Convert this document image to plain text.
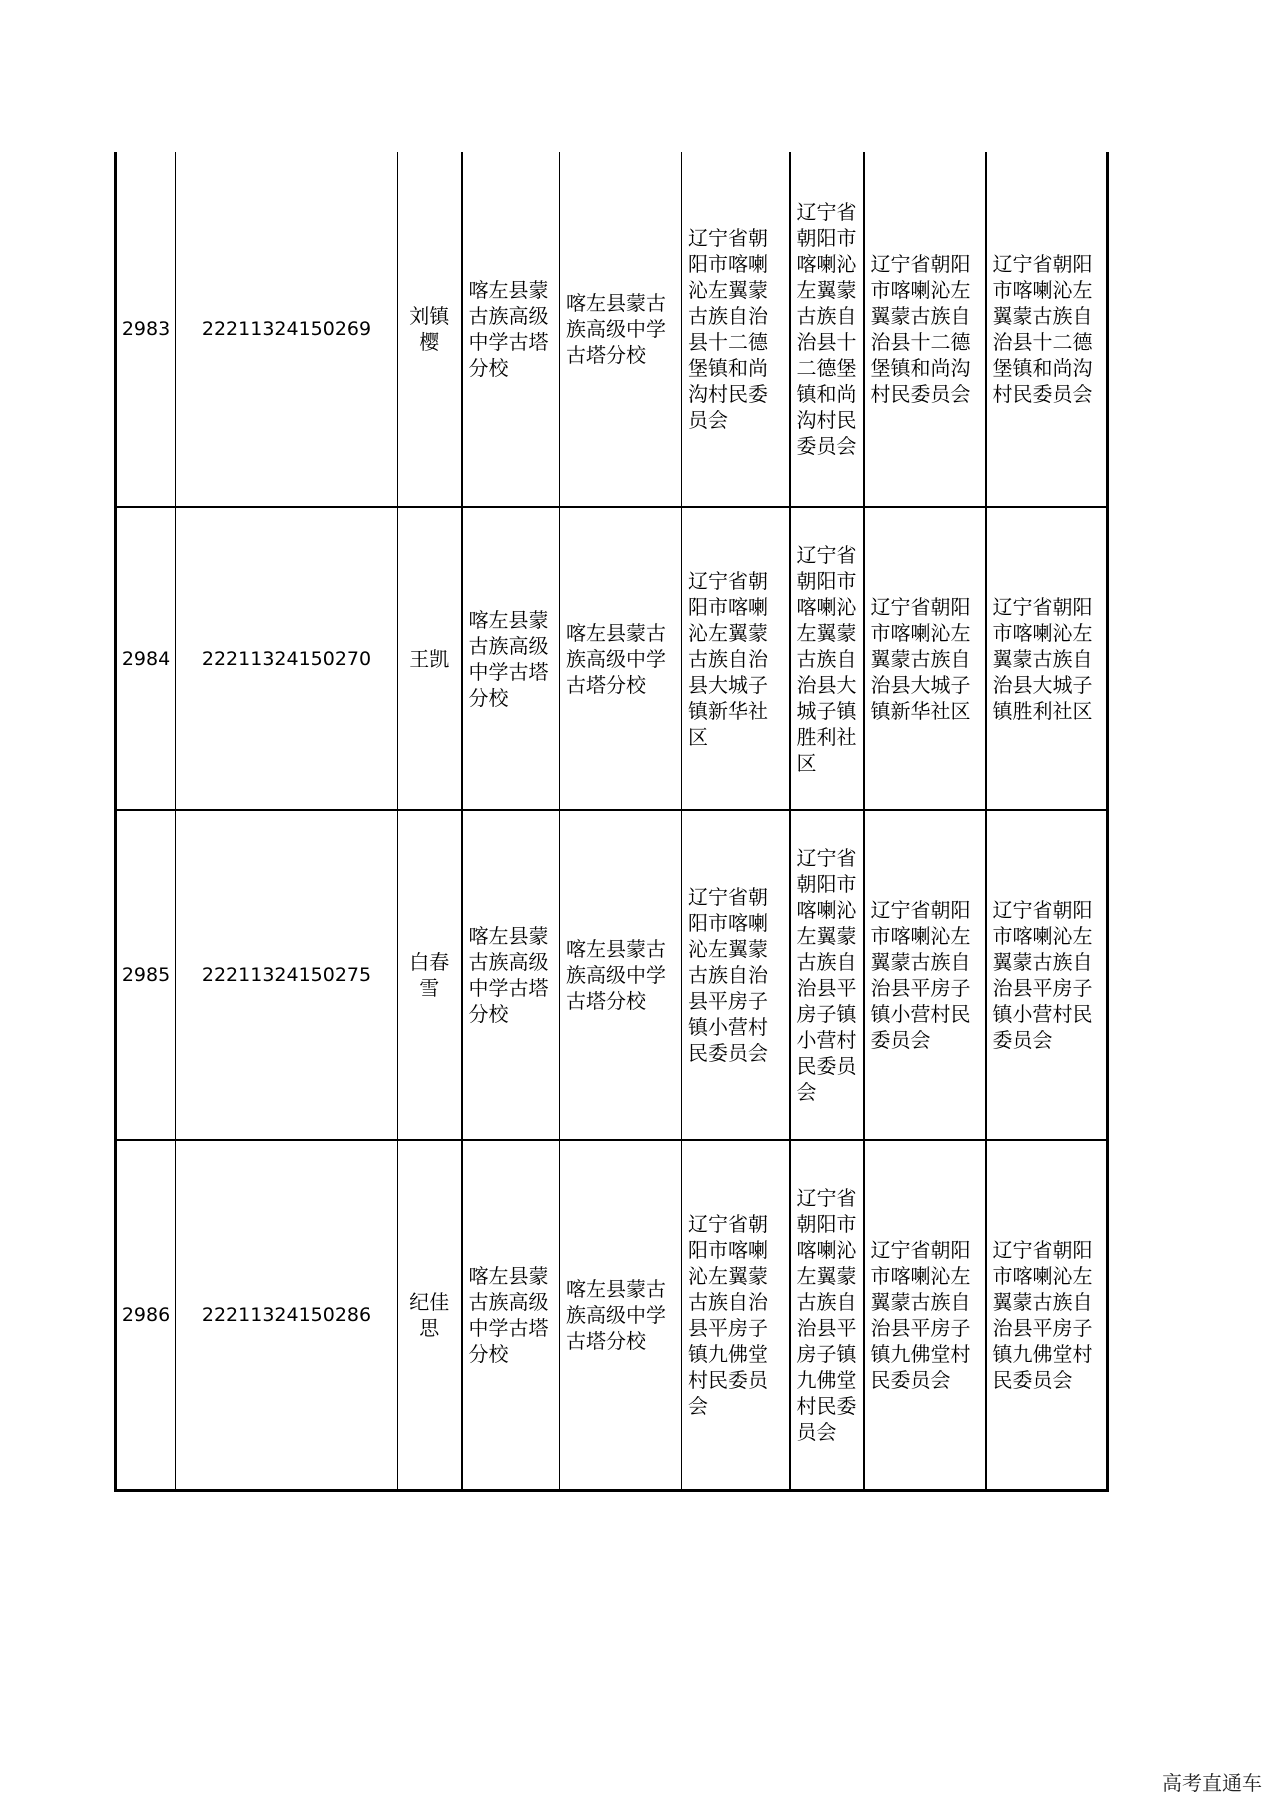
2983	22211324150269	刘镇樱	喀左县蒙古族高级中学古塔分校	喀左县蒙古族高级中学古塔分校	辽宁省朝阳市喀喇沁左翼蒙古族自治县十二德堡镇和尚沟村民委员会	辽宁省朝阳市喀喇沁左翼蒙古族自治县十二德堡镇和尚沟村民委员会	辽宁省朝阳市喀喇沁左翼蒙古族自治县十二德堡镇和尚沟村民委员会	辽宁省朝阳市喀喇沁左翼蒙古族自治县十二德堡镇和尚沟村民委员会
2984	22211324150270	王凯	喀左县蒙古族高级中学古塔分校	喀左县蒙古族高级中学古塔分校	辽宁省朝阳市喀喇沁左翼蒙古族自治县大城子镇新华社区	辽宁省朝阳市喀喇沁左翼蒙古族自治县大城子镇胜利社区	辽宁省朝阳市喀喇沁左翼蒙古族自治县大城子镇新华社区	辽宁省朝阳市喀喇沁左翼蒙古族自治县大城子镇胜利社区
2985	22211324150275	白春雪	喀左县蒙古族高级中学古塔分校	喀左县蒙古族高级中学古塔分校	辽宁省朝阳市喀喇沁左翼蒙古族自治县平房子镇小营村民委员会	辽宁省朝阳市喀喇沁左翼蒙古族自治县平房子镇小营村民委员会	辽宁省朝阳市喀喇沁左翼蒙古族自治县平房子镇小营村民委员会	辽宁省朝阳市喀喇沁左翼蒙古族自治县平房子镇小营村民委员会
2986	22211324150286	纪佳思	喀左县蒙古族高级中学古塔分校	喀左县蒙古族高级中学古塔分校	辽宁省朝阳市喀喇沁左翼蒙古族自治县平房子镇九佛堂村民委员会	辽宁省朝阳市喀喇沁左翼蒙古族自治县平房子镇九佛堂村民委员会	辽宁省朝阳市喀喇沁左翼蒙古族自治县平房子镇九佛堂村民委员会	辽宁省朝阳市喀喇沁左翼蒙古族自治县平房子镇九佛堂村民委员会
高考直通车
